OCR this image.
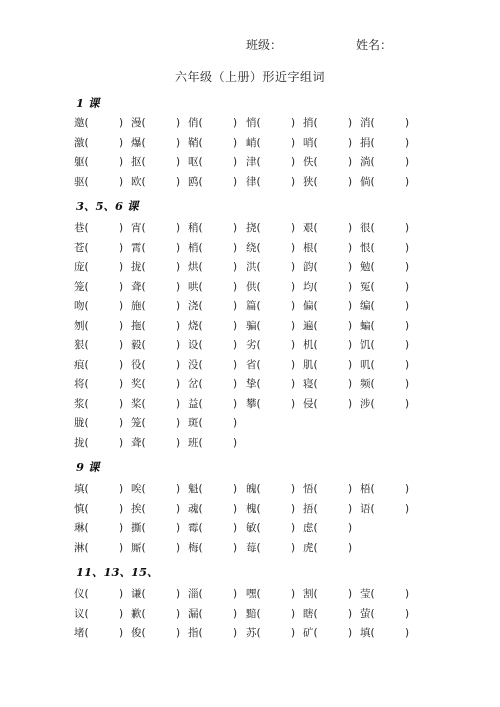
班级：	姓名：
六年级（上册）形近字组词
1 课
邀(	) 漫(	) 俏(	) 悄(	) 捎(	) 消(	)
激(	) 爆(	) 鞘(	) 峭(	) 哨(	) 捐(	)
躯(	) 抠(	) 呕(	) 津(	) 佚(	) 淌(	)
驱(	) 欧(	) 鸥(	) 律(	) 狭(	) 倘(	)
3、5、6 课
巷(	) 宵(	) 稍(	) 挠(	) 艰(	) 很(	)
苍(	) 霄(	) 梢(	) 绕(	) 根(	) 恨(	)
庞(	) 拢(	) 烘(	) 洪(	) 韵(	) 勉(	)
笼(	) 聋(	) 哄(	) 供(	) 均(	) 冤(	)
吻(	) 施(	) 浇(	) 篇(	) 偏(	) 编(	)
刎(	) 拖(	) 烧(	) 骗(	) 遍(	) 蝙(	)
狠(	) 毅(	) 设(	) 劣(	) 机(	) 饥(	)
痕(	) 役(	) 没(	) 省(	) 肌(	) 叽(	)
将(	) 奖(	) 岔(	) 挚(	) 寝(	) 频(	)
浆(	) 桨(	) 益(	) 攀(	) 侵(	) 涉(	)
胧(	) 笼(	) 斑(	)
拢(	) 聋(	) 班(	)
9 课
填(	) 唉(	) 魁(	) 魄(	) 悟(	) 梧(	)
慎(	) 挨(	) 魂(	) 槐(	) 捂(	) 语(	)
琳(	) 撕(	) 霉(	) 敏(	) 虑(	)
淋(	) 厮(	) 梅(	) 莓(	) 虎(	)
11、13、15、
仪(	) 谦(	) 淄(	) 嘿(	) 割(	) 莹(	)
议(	) 歉(	) 漏(	) 黯(	) 瞎(	) 萤(	)
堵(	) 俊(	) 指(	) 苏(	) 矿(	) 填(	)
